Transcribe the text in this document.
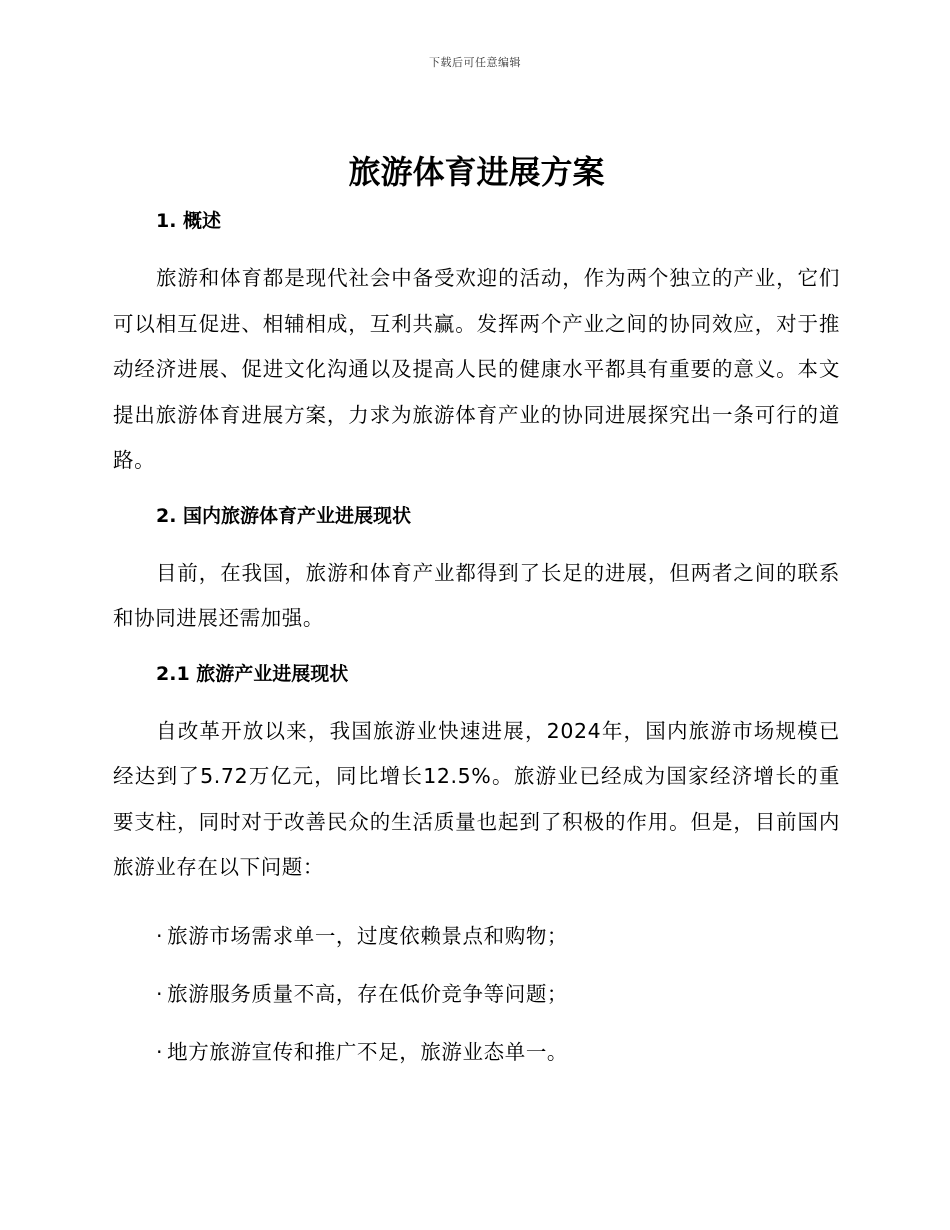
下载后可任意编辑
旅游体育进展方案
1. 概述

旅游和体育都是现代社会中备受欢迎的活动，作为两个独立的产业，它们可以相互促进、相辅相成，互利共赢。发挥两个产业之间的协同效应，对于推动经济进展、促进文化沟通以及提高人民的健康水平都具有重要的意义。本文提出旅游体育进展方案，力求为旅游体育产业的协同进展探究出一条可行的道路。

2. 国内旅游体育产业进展现状

目前，在我国，旅游和体育产业都得到了长足的进展，但两者之间的联系和协同进展还需加强。

2.1 旅游产业进展现状

自改革开放以来，我国旅游业快速进展，2024年，国内旅游市场规模已经达到了5.72万亿元，同比增长12.5%。旅游业已经成为国家经济增长的重要支柱，同时对于改善民众的生活质量也起到了积极的作用。但是，目前国内旅游业存在以下问题：

· 旅游市场需求单一，过度依赖景点和购物；

· 旅游服务质量不高，存在低价竞争等问题；

· 地方旅游宣传和推广不足，旅游业态单一。
